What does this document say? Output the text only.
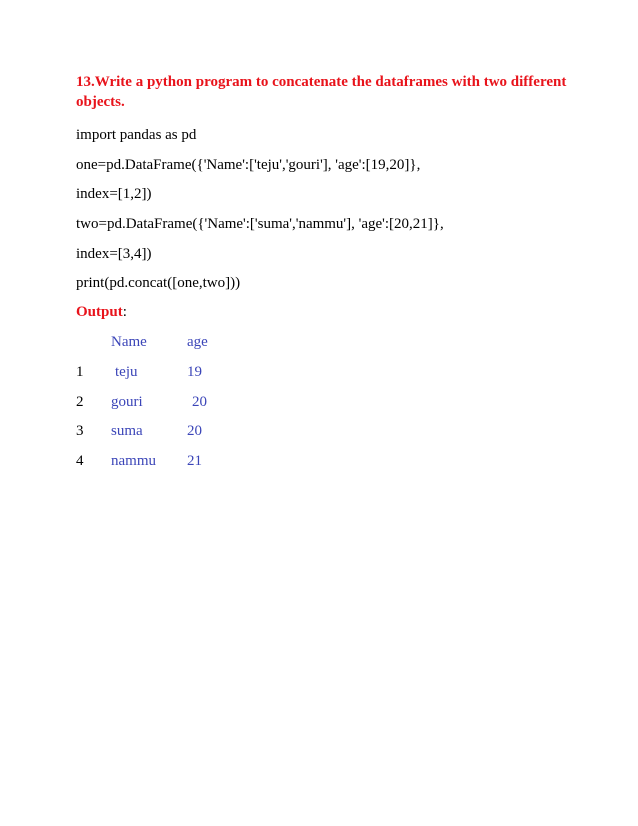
13.Write a python program to concatenate the dataframes with two different objects.
import pandas as pd
one=pd.DataFrame({'Name':['teju','gouri'], 'age':[19,20]},
index=[1,2])
two=pd.DataFrame({'Name':['suma','nammu'], 'age':[20,21]},
index=[3,4])
print(pd.concat([one,two]))
Output:
Name	age
1 teju	19
2 gouri	20
3 suma	20
4 nammu 21
